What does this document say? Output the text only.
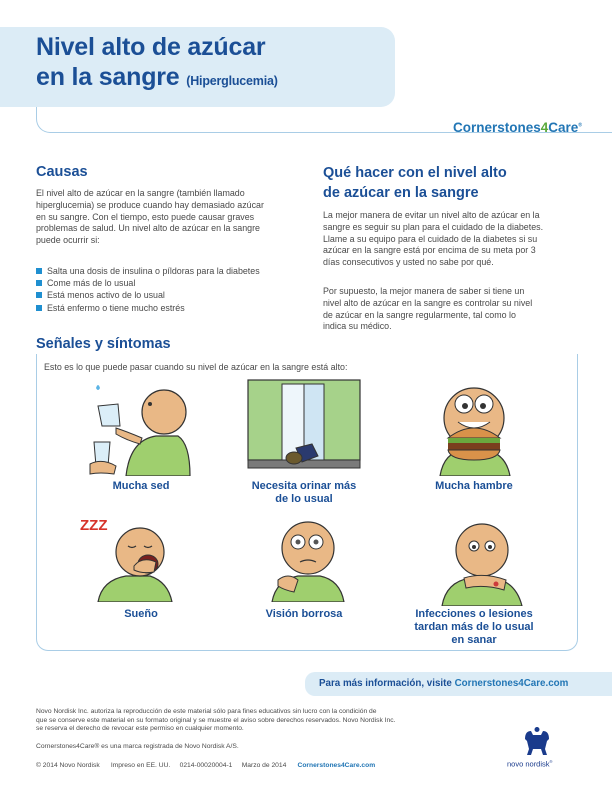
Nivel alto de azúcar
en la sangre (Hiperglucemia)
Cornerstones4Care®
Causas
El nivel alto de azúcar en la sangre (también llamado
hiperglucemia) se produce cuando hay demasiado azúcar
en su sangre. Con el tiempo, esto puede causar graves
problemas de salud. Un nivel alto de azúcar en la sangre
puede ocurrir si:
Salta una dosis de insulina o píldoras para la diabetes
Come más de lo usual
Está menos activo de lo usual
Está enfermo o tiene mucho estrés
Qué hacer con el nivel alto
de azúcar en la sangre
La mejor manera de evitar un nivel alto de azúcar en la
sangre es seguir su plan para el cuidado de la diabetes.
Llame a su equipo para el cuidado de la diabetes si su
azúcar en la sangre está por encima de su meta por 3
días consecutivos y usted no sabe por qué.
Por supuesto, la mejor manera de saber si tiene un
nivel alto de azúcar en la sangre es controlar su nivel
de azúcar en la sangre regularmente, tal como lo
indica su médico.
Señales y síntomas
Esto es lo que puede pasar cuando su nivel de azúcar en la sangre está alto:
Mucha sed	Necesita orinar más
de lo usual
Mucha hambre
ZZZ
Sueño	Visión borrosa	Infecciones o lesiones
tardan más de lo usual
en sanar
Para más información, visite Cornerstones4Care.com
Novo Nordisk Inc. autoriza la reproducción de este material sólo para fines educativos sin lucro con la condición de
que se conserve este material en su formato original y se muestre el aviso sobre derechos reservados. Novo Nordisk Inc.
se reserva el derecho de revocar este permiso en cualquier momento.
Cornerstones4Care® es una marca registrada de Novo Nordisk A/S.
© 2014 Novo Nordisk Impreso en EE. UU. 0214-00020004-1 Marzo de 2014 Cornerstones4Care.com	novo nordisk®
